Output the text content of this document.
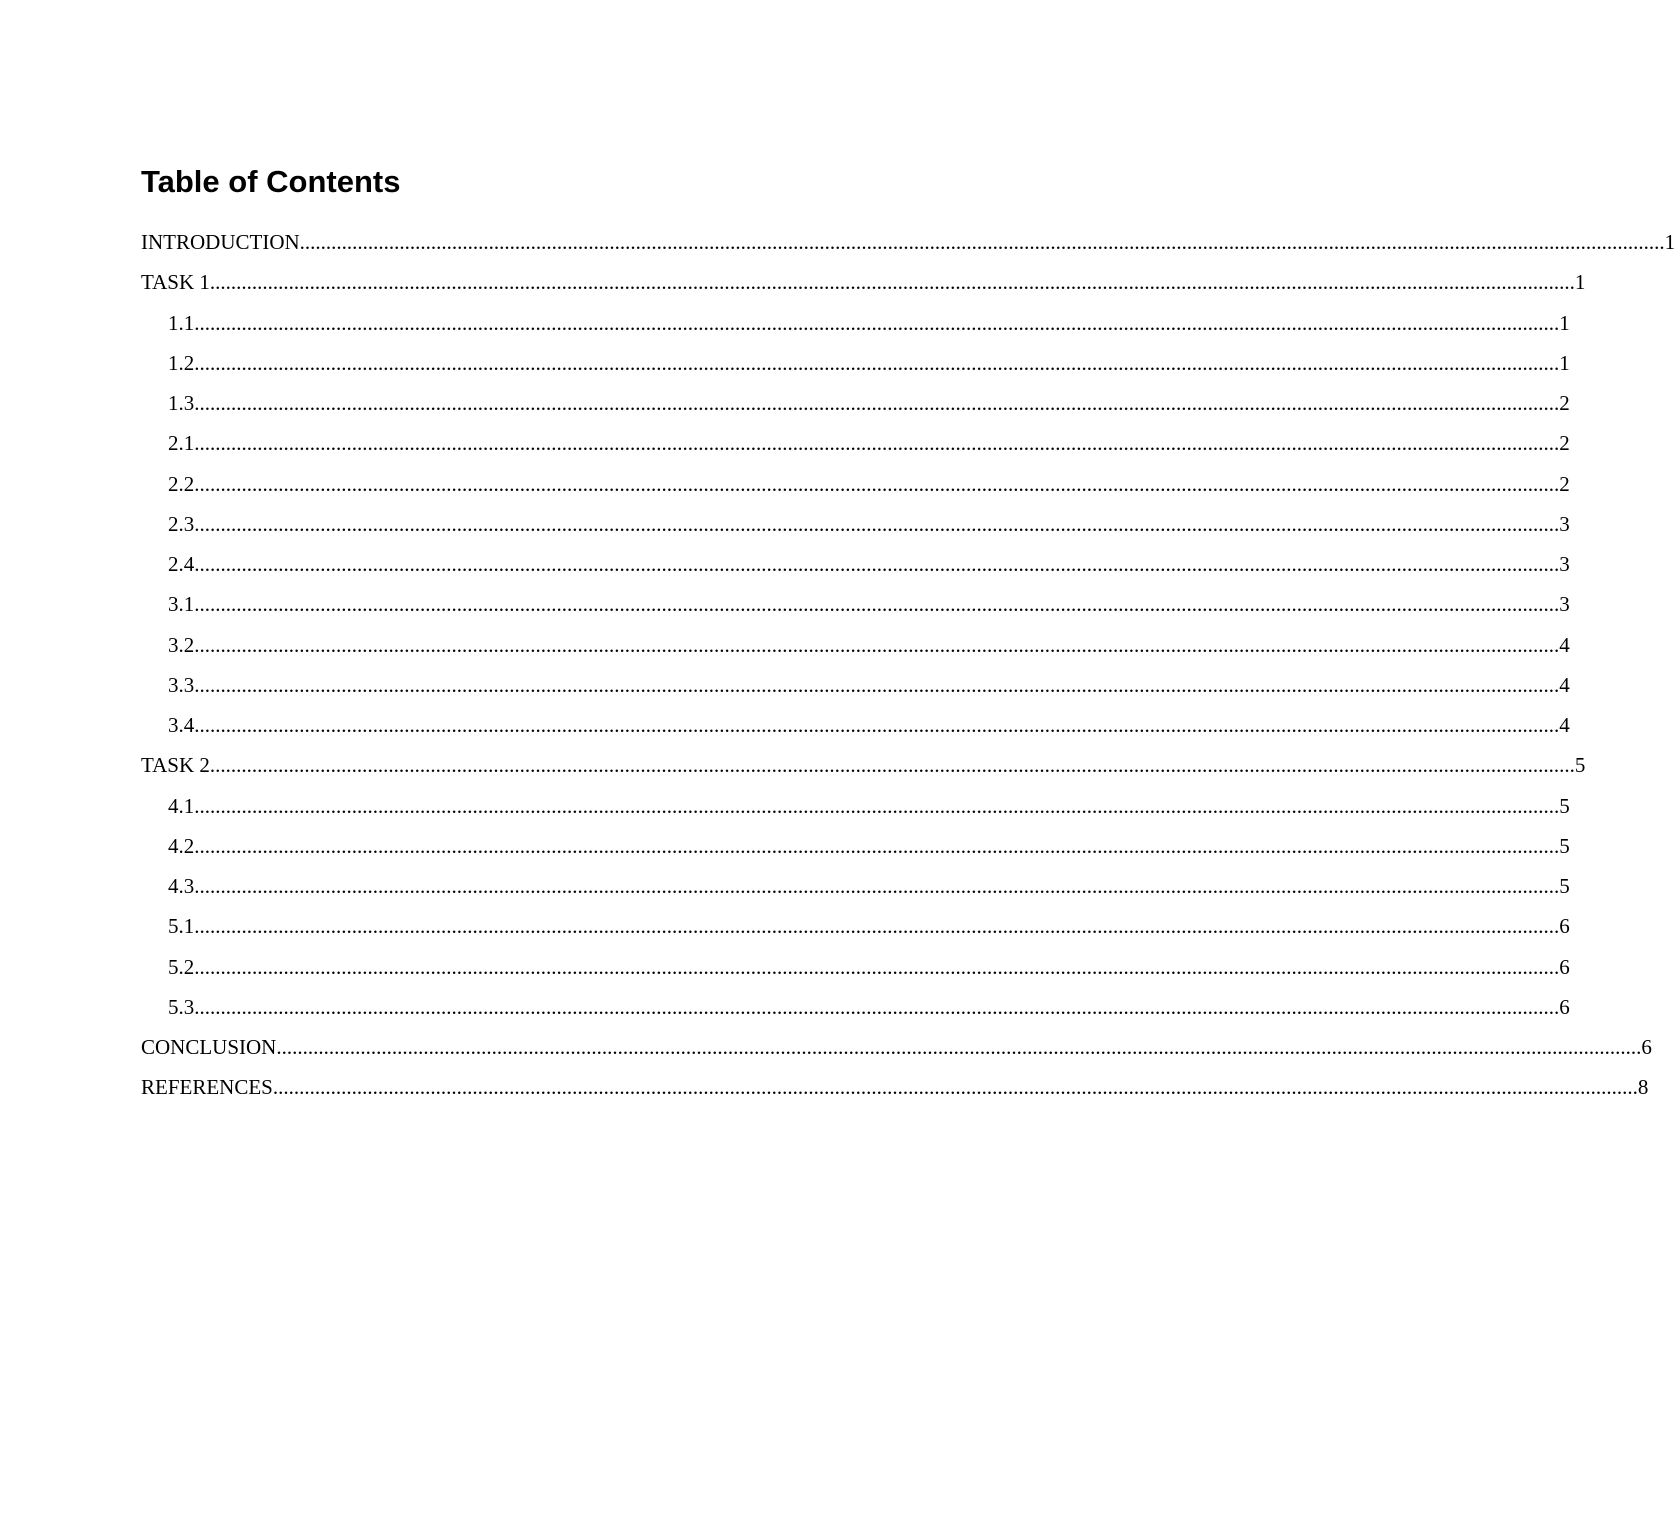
Table of Contents
INTRODUCTION .................................................................................................................................................................................................................................................................... 1
TASK 1 .................................................................................................................................................................................................................................................................... 1
1.1 .................................................................................................................................................................................................................................................................... 1
1.2 .................................................................................................................................................................................................................................................................... 1
1.3 .................................................................................................................................................................................................................................................................... 2
2.1 .................................................................................................................................................................................................................................................................... 2
2.2 .................................................................................................................................................................................................................................................................... 2
2.3 .................................................................................................................................................................................................................................................................... 3
2.4 .................................................................................................................................................................................................................................................................... 3
3.1 .................................................................................................................................................................................................................................................................... 3
3.2 .................................................................................................................................................................................................................................................................... 4
3.3 .................................................................................................................................................................................................................................................................... 4
3.4 .................................................................................................................................................................................................................................................................... 4
TASK 2 .................................................................................................................................................................................................................................................................... 5
4.1 .................................................................................................................................................................................................................................................................... 5
4.2 .................................................................................................................................................................................................................................................................... 5
4.3 .................................................................................................................................................................................................................................................................... 5
5.1 .................................................................................................................................................................................................................................................................... 6
5.2 .................................................................................................................................................................................................................................................................... 6
5.3 .................................................................................................................................................................................................................................................................... 6
CONCLUSION .................................................................................................................................................................................................................................................................... 6
REFERENCES .................................................................................................................................................................................................................................................................... 8
